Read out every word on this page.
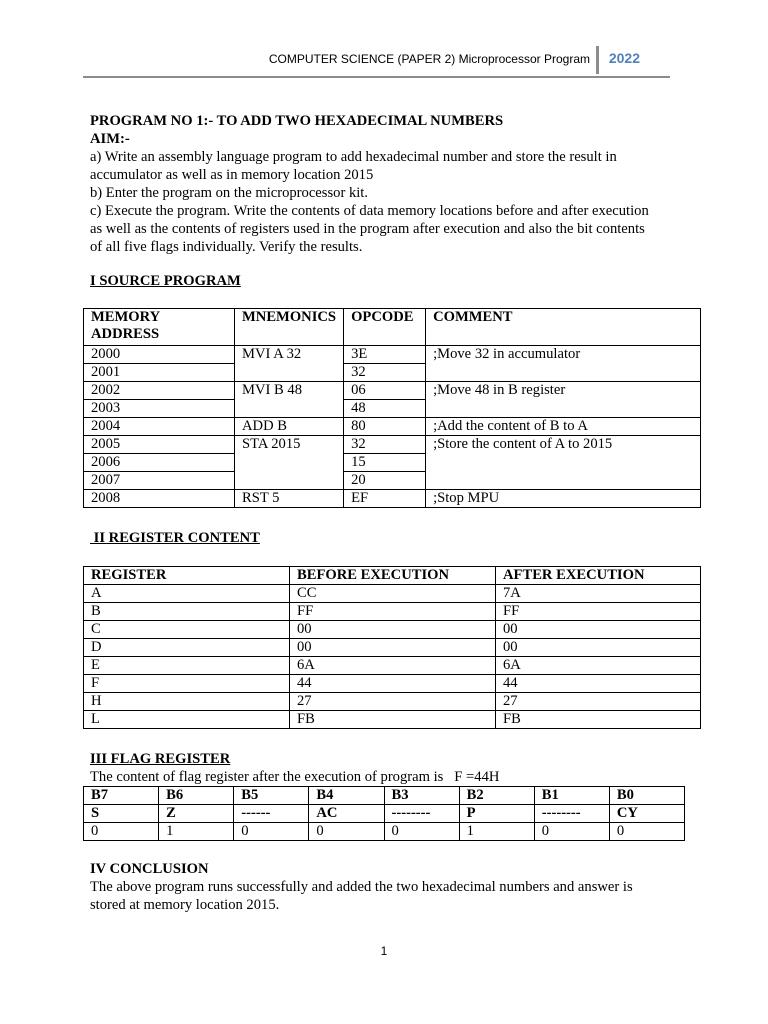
COMPUTER SCIENCE (PAPER 2) Microprocessor Program 2022
PROGRAM NO 1:- TO ADD TWO HEXADECIMAL NUMBERS
AIM:-
a) Write an assembly language program to add hexadecimal number and store the result in
accumulator as well as in memory location 2015
b) Enter the program on the microprocessor kit.
c) Execute the program. Write the contents of data memory locations before and after execution
as well as the contents of registers used in the program after execution and also the bit contents
of all five flags individually. Verify the results.
I SOURCE PROGRAM
MEMORY ADDRESS	MNEMONICS	OPCODE	COMMENT
2000	MVI A 32	3E	;Move 32 in accumulator
2001		32	
2002	MVI B 48	06	;Move 48 in B register
2003		48	
2004	ADD B	80	;Add the content of B to A
2005	STA 2015	32	;Store the content of A to 2015
2006		15	
2007		20	
2008	RST 5	EF	;Stop MPU
II REGISTER CONTENT
REGISTER	BEFORE EXECUTION	AFTER EXECUTION
A	CC	7A
B	FF	FF
C	00	00
D	00	00
E	6A	6A
F	44	44
H	27	27
L	FB	FB
III FLAG REGISTER
The content of flag register after the execution of program is   F =44H
B7	B6	B5	B4	B3	B2	B1	B0
S	Z	------	AC	--------	P	--------	CY
0	1	0	0	0	1	0	0
IV CONCLUSION
The above program runs successfully and added the two hexadecimal numbers and answer is
stored at memory location 2015.
1
